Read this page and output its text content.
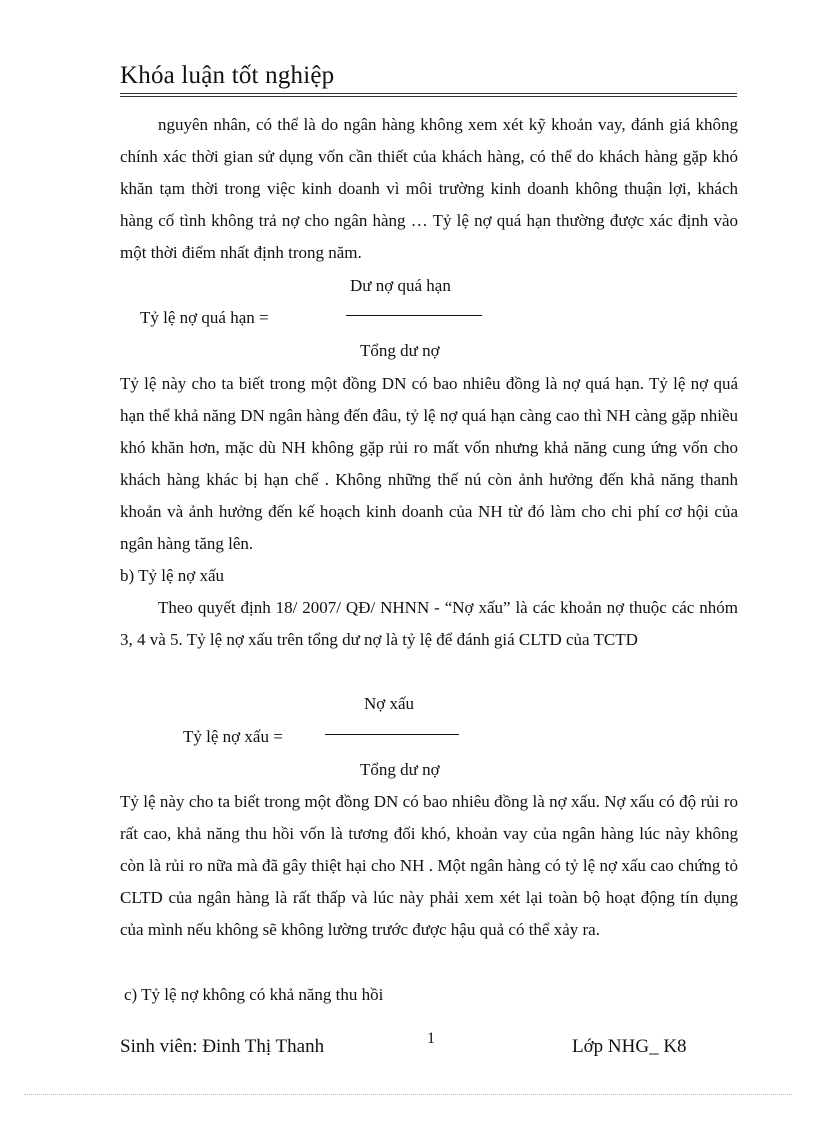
Khóa luận tốt nghiệp
nguyên nhân, có thể là do ngân hàng không xem xét kỹ khoản vay, đánh giá không chính xác thời gian sử dụng vốn cần thiết của khách hàng, có thể do khách hàng gặp khó khăn tạm thời trong việc kinh doanh vì môi trường kinh doanh không thuận lợi, khách hàng cố tình không trả nợ cho ngân hàng … Tỷ lệ nợ quá hạn thường được xác định vào một thời điểm nhất định trong năm.
Dư nợ quá hạn
Tỷ lệ nợ quá hạn =
Tổng dư nợ
Tỷ lệ này cho ta biết trong một đồng DN có bao nhiêu đồng là nợ quá hạn. Tỷ lệ nợ quá hạn thể khả năng DN ngân hàng đến đâu, tỷ lệ nợ quá hạn càng cao thì NH càng gặp nhiều khó khăn hơn, mặc dù NH không gặp rủi ro mất vốn nhưng khả năng cung ứng vốn cho khách hàng khác bị hạn chế . Không những thế nú còn ảnh hưởng đến khả năng thanh khoản và ảnh hưởng đến kế hoạch kinh doanh của NH từ đó làm cho chi phí cơ hội của ngân hàng tăng lên.
b) Tỷ lệ nợ xấu
Theo quyết định 18/ 2007/ QĐ/ NHNN - “Nợ xấu” là các khoản nợ thuộc các nhóm 3, 4 và 5. Tỷ lệ nợ xấu trên tổng dư nợ là tỷ lệ để đánh giá CLTD của TCTD
Nợ xấu
Tỷ lệ nợ xấu =
Tổng dư nợ
Tỷ lệ này cho ta biết trong một đồng DN có bao nhiêu đồng là nợ xấu. Nợ xấu có độ rủi ro rất cao, khả năng thu hồi vốn là tương đối khó, khoản vay của ngân hàng lúc này không còn là rủi ro nữa mà đã gây thiệt hại cho NH . Một ngân hàng có tỷ lệ nợ xấu cao chứng tỏ CLTD của ngân hàng là rất thấp và lúc này phải xem xét lại toàn bộ hoạt động tín dụng của mình nếu không sẽ không lường trước được hậu quả có thể xảy ra.
c) Tỷ lệ nợ không có khả năng thu hồi
Sinh viên: Đinh Thị Thanh	1	Lớp NHG_ K8
